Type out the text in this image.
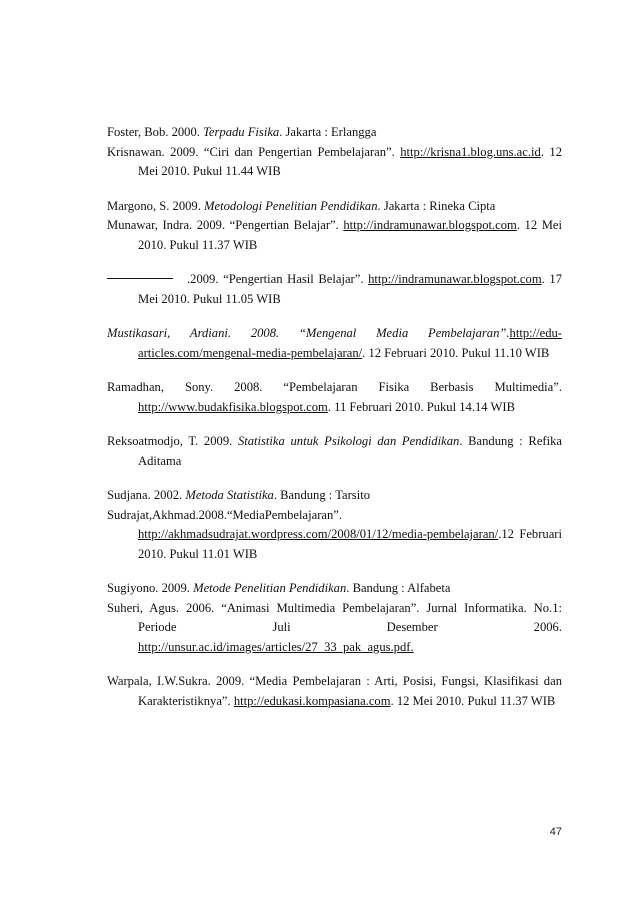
Foster, Bob. 2000. Terpadu Fisika. Jakarta : Erlangga
Krisnawan. 2009. “Ciri dan Pengertian Pembelajaran”. http://krisna1.blog.uns.ac.id. 12 Mei 2010. Pukul 11.44 WIB
Margono, S. 2009. Metodologi Penelitian Pendidikan. Jakarta : Rineka Cipta
Munawar, Indra. 2009. “Pengertian Belajar”. http://indramunawar.blogspot.com. 12 Mei 2010. Pukul 11.37 WIB
.2009. “Pengertian Hasil Belajar”. http://indramunawar.blogspot.com. 17 Mei 2010. Pukul 11.05 WIB
Mustikasari, Ardiani. 2008. “Mengenal Media Pembelajaran”.http://edu-articles.com/mengenal-media-pembelajaran/. 12 Februari 2010. Pukul 11.10 WIB
Ramadhan, Sony. 2008. “Pembelajaran Fisika Berbasis Multimedia”. http://www.budakfisika.blogspot.com. 11 Februari 2010. Pukul 14.14 WIB
Reksoatmodjo, T. 2009. Statistika untuk Psikologi dan Pendidikan. Bandung : Refika Aditama
Sudjana. 2002. Metoda Statistika. Bandung : Tarsito
Sudrajat,Akhmad.2008.“MediaPembelajaran”. http://akhmadsudrajat.wordpress.com/2008/01/12/media-pembelajaran/.12 Februari 2010. Pukul 11.01 WIB
Sugiyono. 2009. Metode Penelitian Pendidikan. Bandung : Alfabeta
Suheri, Agus. 2006. “Animasi Multimedia Pembelajaran”. Jurnal Informatika. No.1: Periode Juli Desember 2006. http://unsur.ac.id/images/articles/27_33_pak_agus.pdf.
Warpala, I.W.Sukra. 2009. “Media Pembelajaran : Arti, Posisi, Fungsi, Klasifikasi dan Karakteristiknya”. http://edukasi.kompasiana.com. 12 Mei 2010. Pukul 11.37 WIB
47
